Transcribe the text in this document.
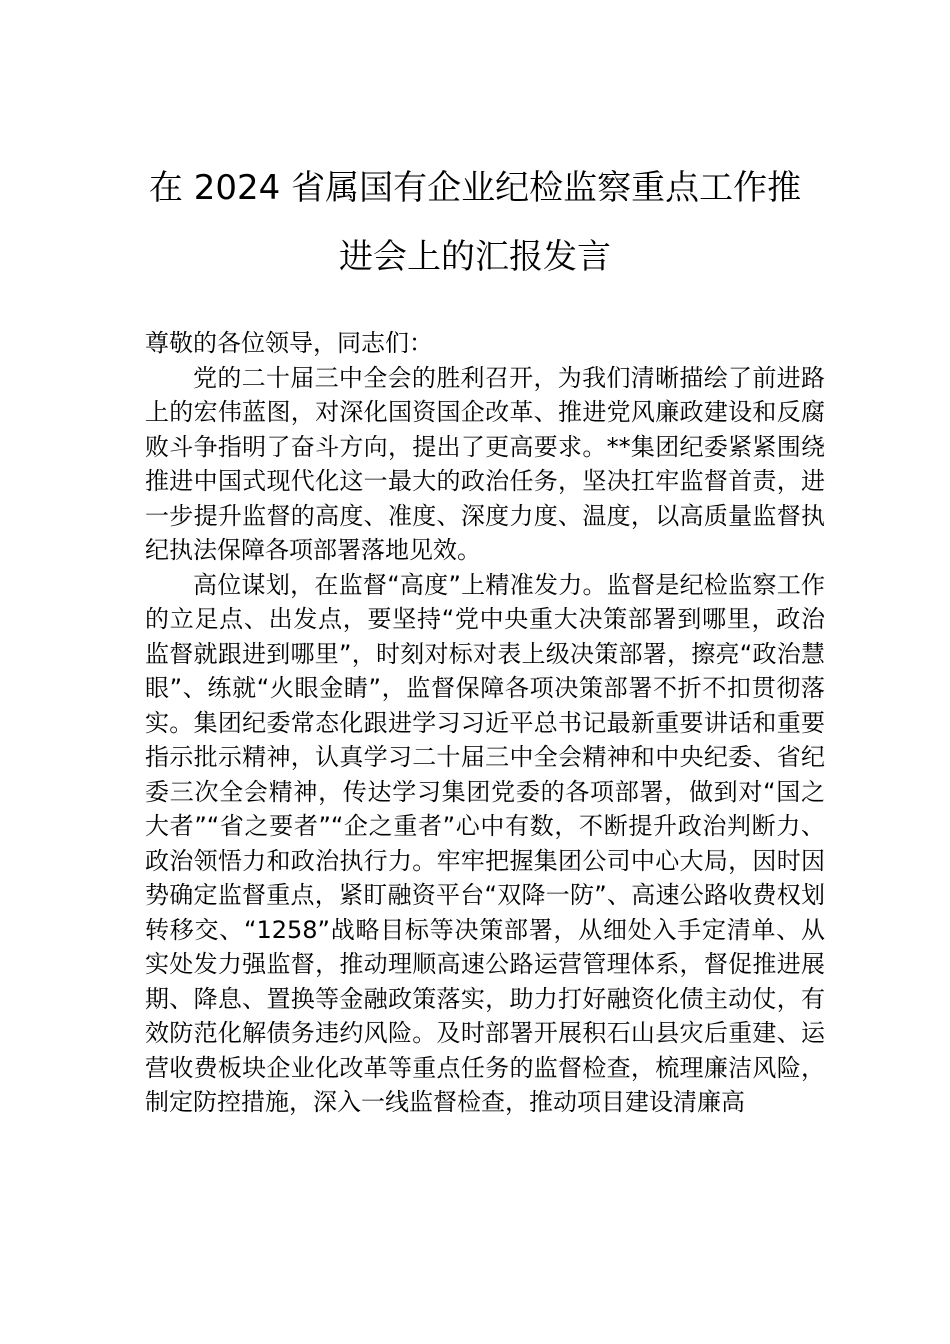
在 2024 省属国有企业纪检监察重点工作推
进会上的汇报发言

尊敬的各位领导，同志们：

党的二十届三中全会的胜利召开，为我们清晰描绘了前进路上的宏伟蓝图，对深化国资国企改革、推进党风廉政建设和反腐败斗争指明了奋斗方向，提出了更高要求。**集团纪委紧紧围绕推进中国式现代化这一最大的政治任务，坚决扛牢监督首责，进一步提升监督的高度、准度、深度力度、温度，以高质量监督执纪执法保障各项部署落地见效。

高位谋划，在监督“高度”上精准发力。监督是纪检监察工作的立足点、出发点，要坚持“党中央重大决策部署到哪里，政治监督就跟进到哪里”，时刻对标对表上级决策部署，擦亮“政治慧眼”、练就“火眼金睛”，监督保障各项决策部署不折不扣贯彻落实。集团纪委常态化跟进学习习近平总书记最新重要讲话和重要指示批示精神，认真学习二十届三中全会精神和中央纪委、省纪委三次全会精神，传达学习集团党委的各项部署，做到对“国之大者”“省之要者”“企之重者”心中有数，不断提升政治判断力、政治领悟力和政治执行力。牢牢把握集团公司中心大局，因时因势确定监督重点，紧盯融资平台“双降一防”、高速公路收费权划转移交、“1258”战略目标等决策部署，从细处入手定清单、从实处发力强监督，推动理顺高速公路运营管理体系，督促推进展期、降息、置换等金融政策落实，助力打好融资化债主动仗，有效防范化解债务违约风险。及时部署开展积石山县灾后重建、运营收费板块企业化改革等重点任务的监督检查，梳理廉洁风险，制定防控措施，深入一线监督检查，推动项目建设清廉高
